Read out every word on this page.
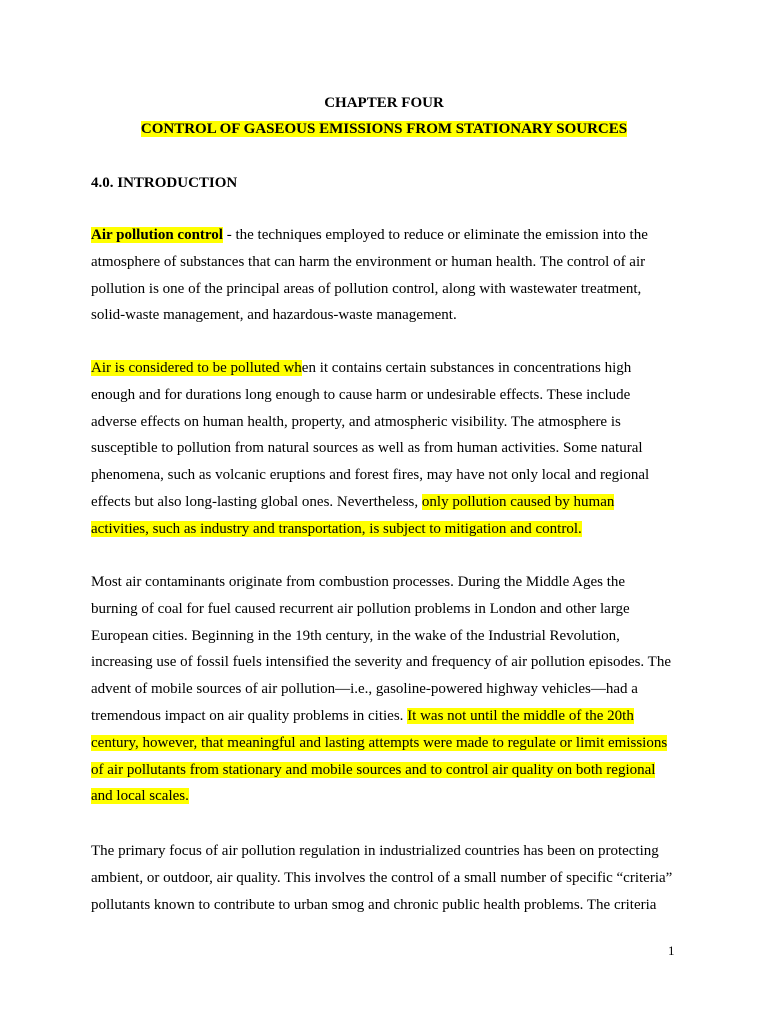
CHAPTER FOUR
CONTROL OF GASEOUS EMISSIONS FROM STATIONARY SOURCES
4.0. INTRODUCTION

Air pollution control - the techniques employed to reduce or eliminate the emission into the
atmosphere of substances that can harm the environment or human health. The control of air
pollution is one of the principal areas of pollution control, along with wastewater treatment,
solid-waste management, and hazardous-waste management.

Air is considered to be polluted when it contains certain substances in concentrations high
enough and for durations long enough to cause harm or undesirable effects. These include
adverse effects on human health, property, and atmospheric visibility. The atmosphere is
susceptible to pollution from natural sources as well as from human activities. Some natural
phenomena, such as volcanic eruptions and forest fires, may have not only local and regional
effects but also long-lasting global ones. Nevertheless, only pollution caused by human
activities, such as industry and transportation, is subject to mitigation and control.

Most air contaminants originate from combustion processes. During the Middle Ages the
burning of coal for fuel caused recurrent air pollution problems in London and other large
European cities. Beginning in the 19th century, in the wake of the Industrial Revolution,
increasing use of fossil fuels intensified the severity and frequency of air pollution episodes. The
advent of mobile sources of air pollution—i.e., gasoline-powered highway vehicles—had a
tremendous impact on air quality problems in cities. It was not until the middle of the 20th
century, however, that meaningful and lasting attempts were made to regulate or limit emissions
of air pollutants from stationary and mobile sources and to control air quality on both regional
and local scales.

The primary focus of air pollution regulation in industrialized countries has been on protecting
ambient, or outdoor, air quality. This involves the control of a small number of specific “criteria”
pollutants known to contribute to urban smog and chronic public health problems. The criteria

1
